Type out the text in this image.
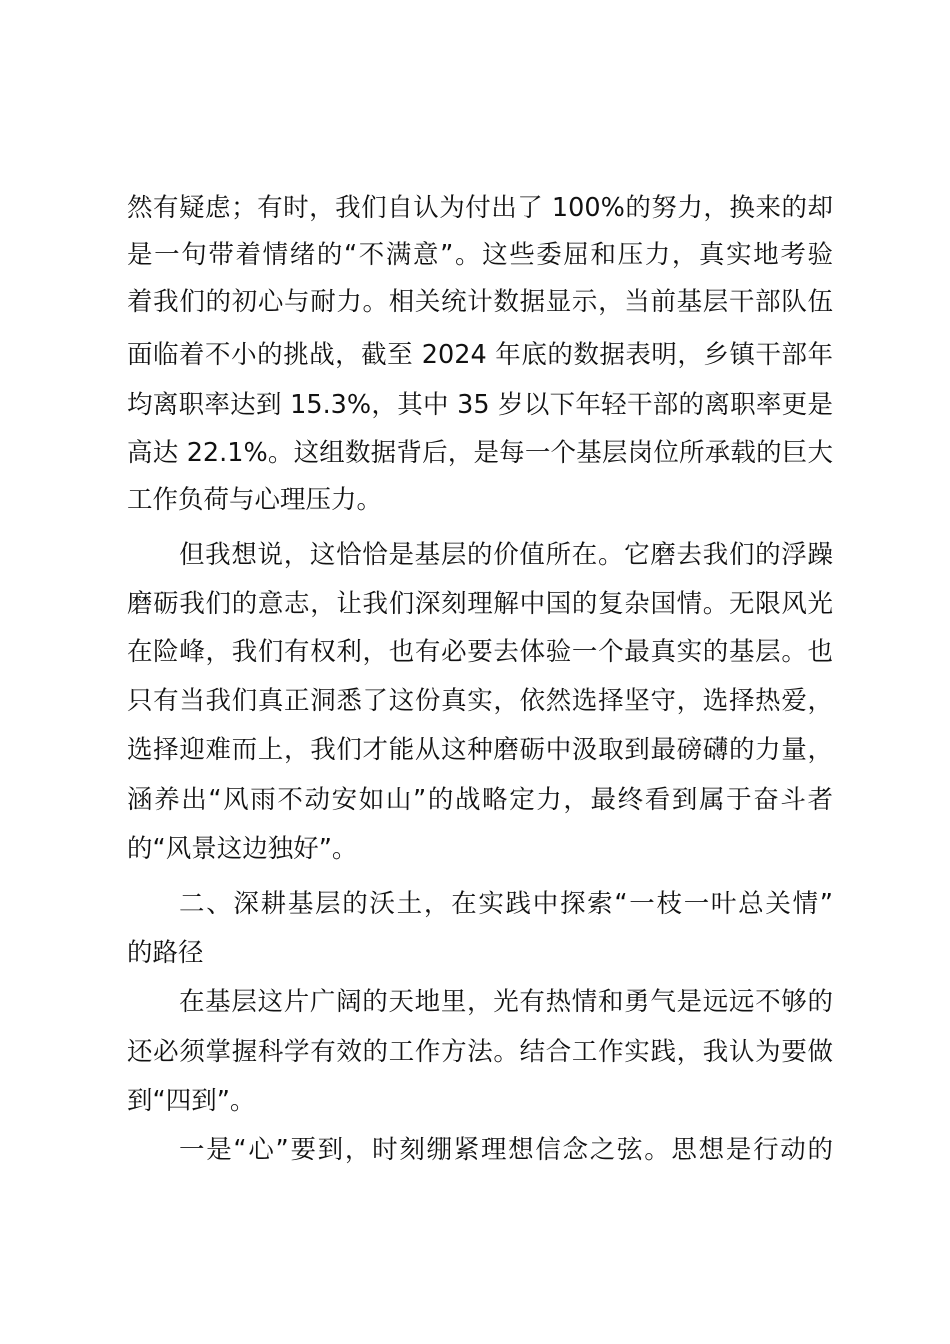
然有疑虑；有时，我们自认为付出了 100%的努力，换来的却
是一句带着情绪的“不满意”。这些委屈和压力，真实地考验
着我们的初心与耐力。相关统计数据显示，当前基层干部队伍
面临着不小的挑战，截至 2024 年底的数据表明，乡镇干部年
均离职率达到 15.3%，其中 35 岁以下年轻干部的离职率更是
高达 22.1%。这组数据背后，是每一个基层岗位所承载的巨大
工作负荷与心理压力。
但我想说，这恰恰是基层的价值所在。它磨去我们的浮躁
磨砺我们的意志，让我们深刻理解中国的复杂国情。无限风光
在险峰，我们有权利，也有必要去体验一个最真实的基层。也
只有当我们真正洞悉了这份真实，依然选择坚守，选择热爱，
选择迎难而上，我们才能从这种磨砺中汲取到最磅礴的力量，
涵养出“风雨不动安如山”的战略定力，最终看到属于奋斗者
的“风景这边独好”。
二、深耕基层的沃土，在实践中探索“一枝一叶总关情”
的路径
在基层这片广阔的天地里，光有热情和勇气是远远不够的
还必须掌握科学有效的工作方法。结合工作实践，我认为要做
到“四到”。
一是“心”要到，时刻绷紧理想信念之弦。思想是行动的
